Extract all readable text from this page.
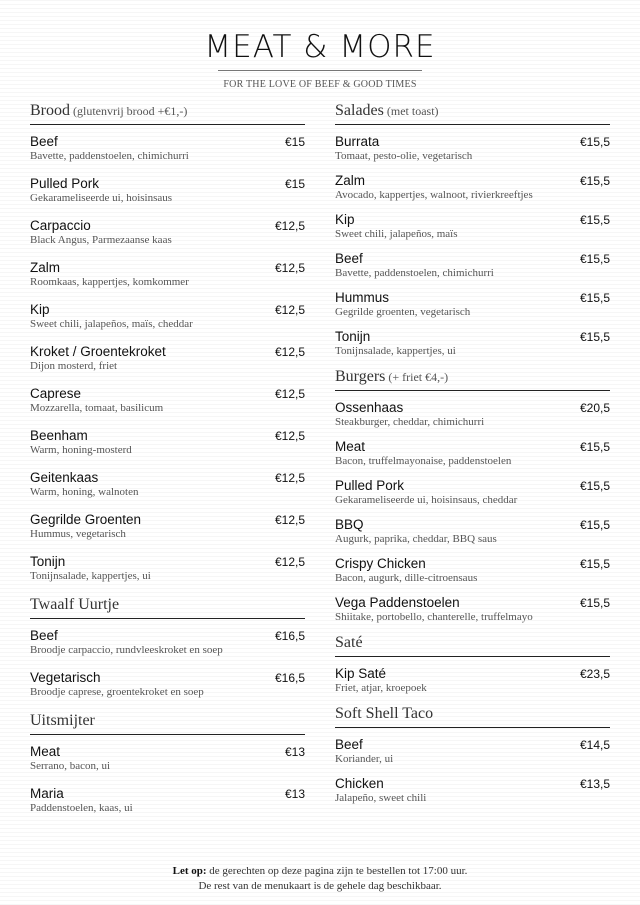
MEAT & MORE
FOR THE LOVE OF BEEF & GOOD TIMES
Brood (glutenvrij brood +€1,-)
Beef
Bavette, paddenstoelen, chimichurri
€15
Pulled Pork
Gekarameliseerde ui, hoisinsaus
€15
Carpaccio
Black Angus, Parmezaanse kaas
€12,5
Zalm
Roomkaas, kappertjes, komkommer
€12,5
Kip
Sweet chili, jalapeños, maïs, cheddar
€12,5
Kroket / Groentekroket
Dijon mosterd, friet
€12,5
Caprese
Mozzarella, tomaat, basilicum
€12,5
Beenham
Warm, honing-mosterd
€12,5
Geitenkaas
Warm, honing, walnoten
€12,5
Gegrilde Groenten
Hummus, vegetarisch
€12,5
Tonijn
Tonijnsalade, kappertjes, ui
€12,5
Twaalf Uurtje
Beef
Broodje carpaccio, rundvleeskroket en soep
€16,5
Vegetarisch
Broodje caprese, groentekroket en soep
€16,5
Uitsmijter
Meat
Serrano, bacon, ui
€13
Maria
Paddenstoelen, kaas, ui
€13
Salades (met toast)
Burrata
Tomaat, pesto-olie, vegetarisch
€15,5
Zalm
Avocado, kappertjes, walnoot, rivierkreeftjes
€15,5
Kip
Sweet chili, jalapeños, maïs
€15,5
Beef
Bavette, paddenstoelen, chimichurri
€15,5
Hummus
Gegrilde groenten, vegetarisch
€15,5
Tonijn
Tonijnsalade, kappertjes, ui
€15,5
Burgers (+ friet €4,-)
Ossenhaas
Steakburger, cheddar, chimichurri
€20,5
Meat
Bacon, truffelmayonaise, paddenstoelen
€15,5
Pulled Pork
Gekarameliseerde ui, hoisinsaus, cheddar
€15,5
BBQ
Augurk, paprika, cheddar, BBQ saus
€15,5
Crispy Chicken
Bacon, augurk, dille-citroensaus
€15,5
Vega Paddenstoelen
Shiitake, portobello, chanterelle, truffelmayo
€15,5
Saté
Kip Saté
Friet, atjar, kroepoek
€23,5
Soft Shell Taco
Beef
Koriander, ui
€14,5
Chicken
Jalapeño, sweet chili
€13,5
Let op: de gerechten op deze pagina zijn te bestellen tot 17:00 uur.
De rest van de menukaart is de gehele dag beschikbaar.
